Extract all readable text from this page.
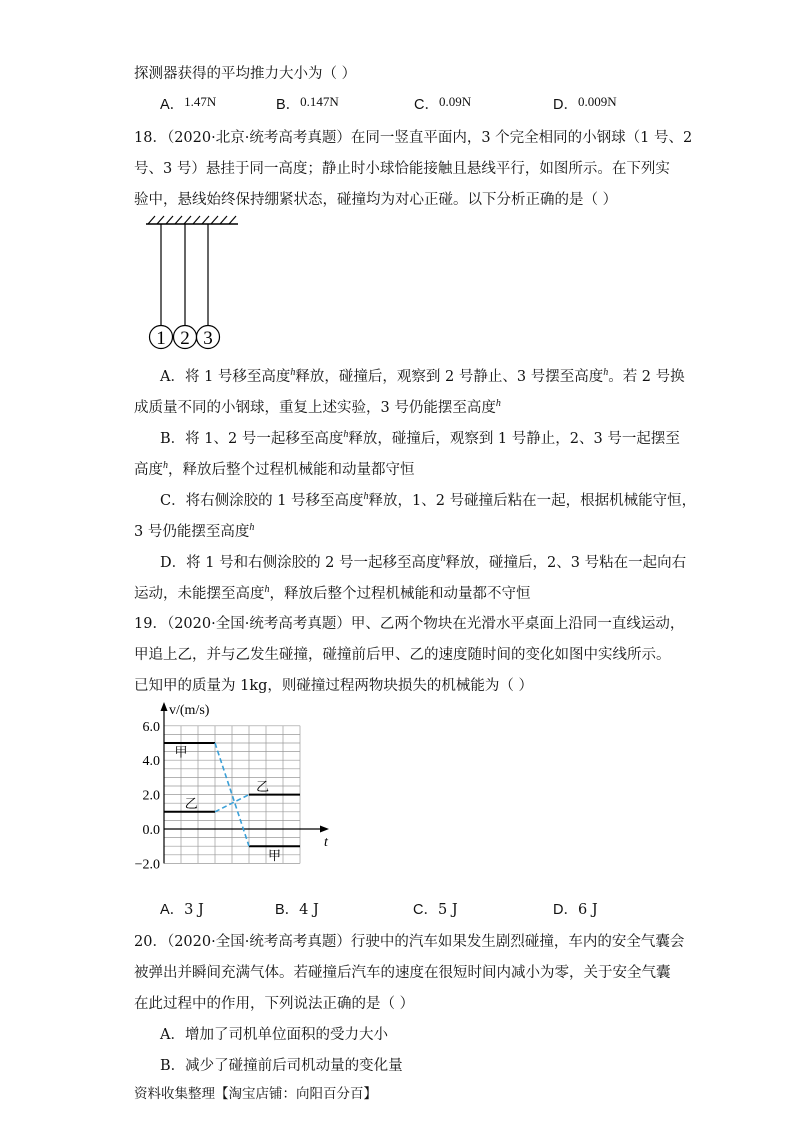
探测器获得的平均推力大小为（ ）
A．1.47N	B．0.147N	C．0.09N	D．0.009N
18．（2020·北京·统考高考真题）在同一竖直平面内，3 个完全相同的小钢球（1 号、2
号、3 号）悬挂于同一高度；静止时小球恰能接触且悬线平行，如图所示。在下列实
验中，悬线始终保持绷紧状态，碰撞均为对心正碰。以下分析正确的是（ ）
1 2 3
A．将 1 号移至高度$^h$释放，碰撞后，观察到 2 号静止、3 号摆至高度$^h$。若 2 号换
成质量不同的小钢球，重复上述实验，3 号仍能摆至高度$^h$
B．将 1、2 号一起移至高度$^h$释放，碰撞后，观察到 1 号静止，2、3 号一起摆至
高度$^h$，释放后整个过程机械能和动量都守恒
C．将右侧涂胶的 1 号移至高度$^h$释放，1、2 号碰撞后粘在一起，根据机械能守恒，
3 号仍能摆至高度$^h$
D．将 1 号和右侧涂胶的 2 号一起移至高度$^h$释放，碰撞后，2、3 号粘在一起向右
运动，未能摆至高度$^h$，释放后整个过程机械能和动量都不守恒
19．（2020·全国·统考高考真题）甲、乙两个物块在光滑水平桌面上沿同一直线运动，
甲追上乙，并与乙发生碰撞，碰撞前后甲、乙的速度随时间的变化如图中实线所示。
已知甲的质量为 1kg，则碰撞过程两物块损失的机械能为（ ）
6.0
4.0
2.0
0.0
−2.0
v/(m/s)
t
甲
乙
乙
甲
A．3 J	B．4 J	C．5 J	D．6 J
20．（2020·全国·统考高考真题）行驶中的汽车如果发生剧烈碰撞，车内的安全气囊会
被弹出并瞬间充满气体。若碰撞后汽车的速度在很短时间内减小为零，关于安全气囊
在此过程中的作用，下列说法正确的是（ ）
A．增加了司机单位面积的受力大小
B．减少了碰撞前后司机动量的变化量
资料收集整理【淘宝店铺：向阳百分百】
